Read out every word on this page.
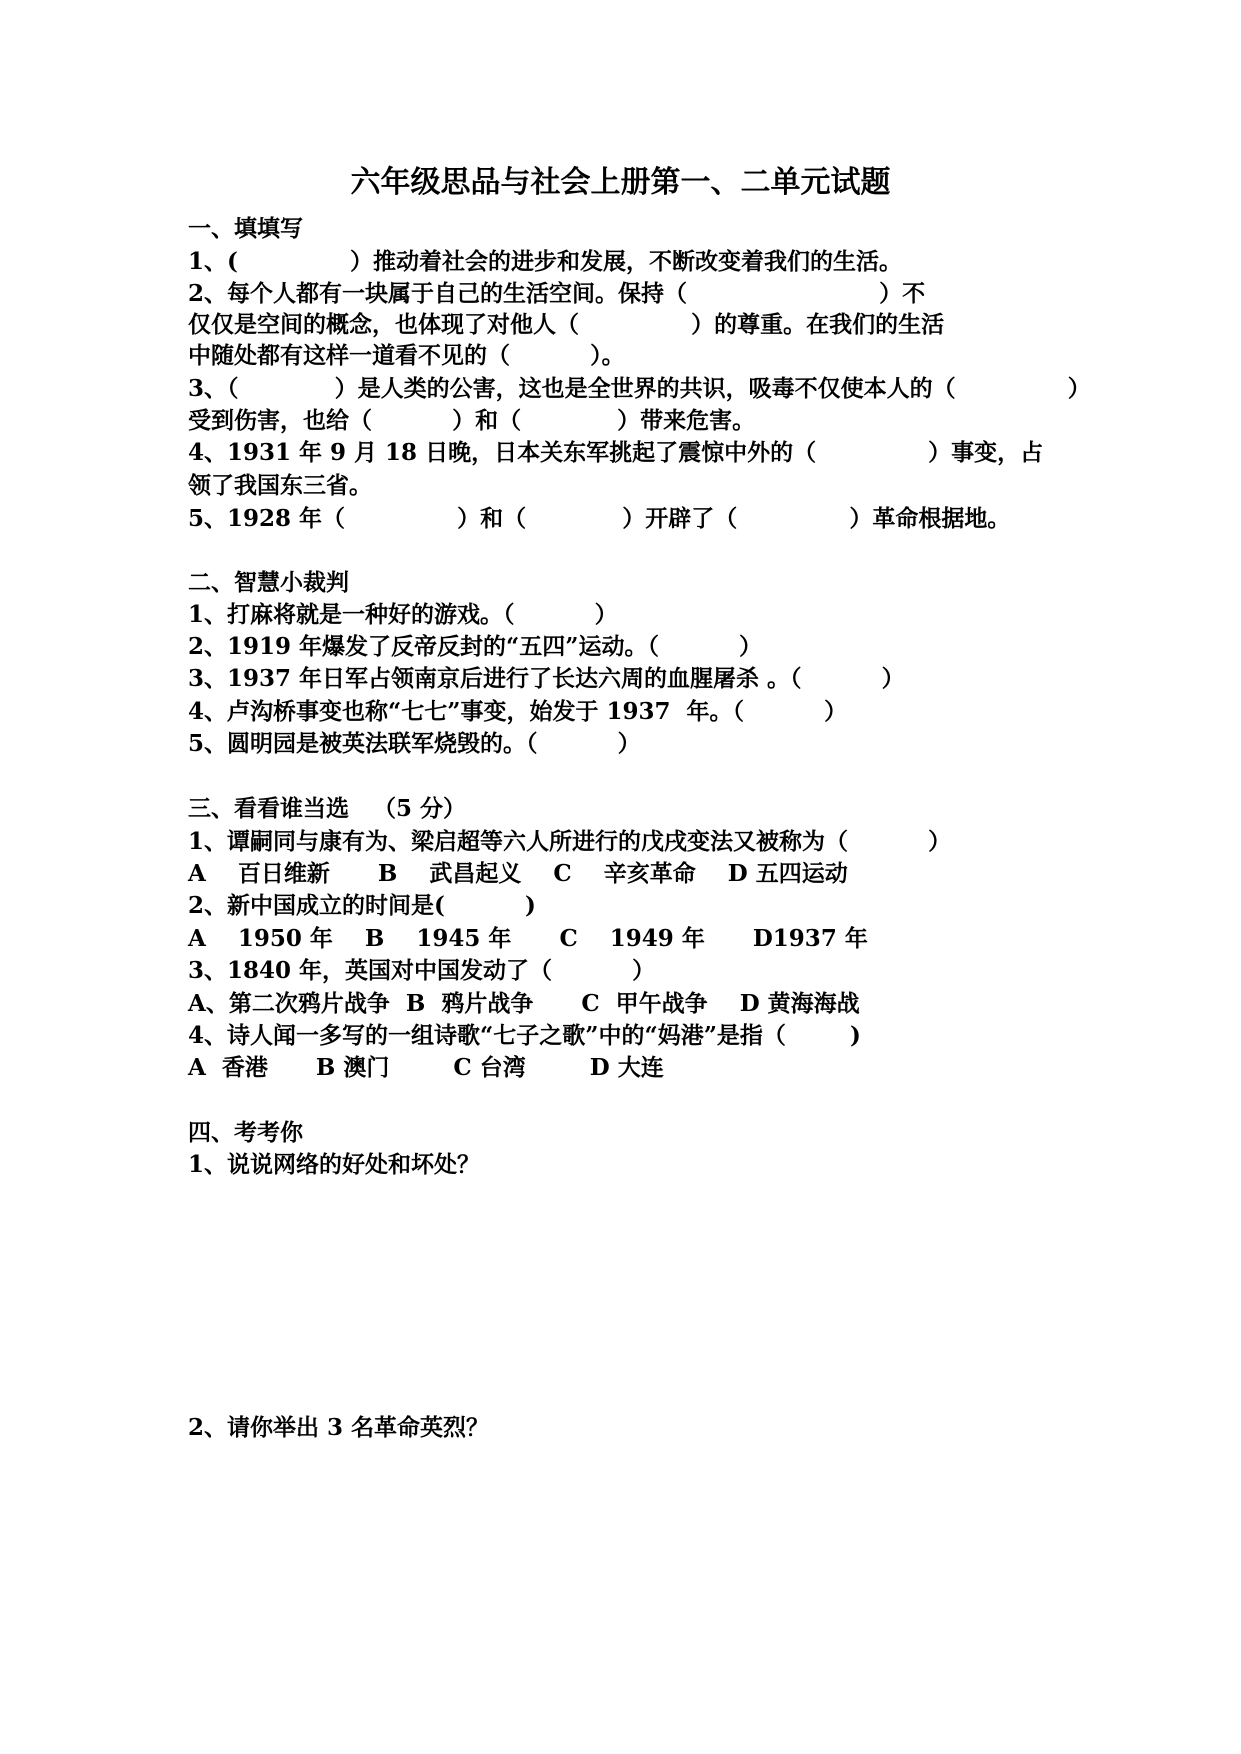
六年级思品与社会上册第一、二单元试题
一、填填写
1、(              ）推动着社会的进步和发展，不断改变着我们的生活。
2、每个人都有一块属于自己的生活空间。保持（                        ）不
仅仅是空间的概念，也体现了对他人（              ）的尊重。在我们的生活
中随处都有这样一道看不见的（          ）。
3、（            ）是人类的公害，这也是全世界的共识，吸毒不仅使本人的（              ）
受到伤害，也给（          ）和（            ）带来危害。
4、1931 年 9 月 18 日晚，日本关东军挑起了震惊中外的（              ）事变，占
领了我国东三省。
5、1928 年（              ）和（            ）开辟了（              ）革命根据地。
二、智慧小裁判
1、打麻将就是一种好的游戏。（          ）
2、1919 年爆发了反帝反封的“五四”运动。（          ）
3、1937 年日军占领南京后进行了长达六周的血腥屠杀 。（          ）
4、卢沟桥事变也称“七七”事变，始发于 1937  年。（          ）
5、圆明园是被英法联军烧毁的。（          ）
三、看看谁当选   （5 分）
1、谭嗣同与康有为、梁启超等六人所进行的戊戌变法又被称为（          ）
A    百日维新      B    武昌起义    C    辛亥革命    D 五四运动
2、新中国成立的时间是(          )
A    1950 年    B    1945 年      C    1949 年      D1937 年
3、1840 年，英国对中国发动了（          ）
A、第二次鸦片战争  B  鸦片战争      C  甲午战争    D 黄海海战
4、诗人闻一多写的一组诗歌“七子之歌”中的“妈港”是指（        )
A  香港      B 澳门        C 台湾        D 大连
四、考考你
1、说说网络的好处和坏处？
2、请你举出 3 名革命英烈？
